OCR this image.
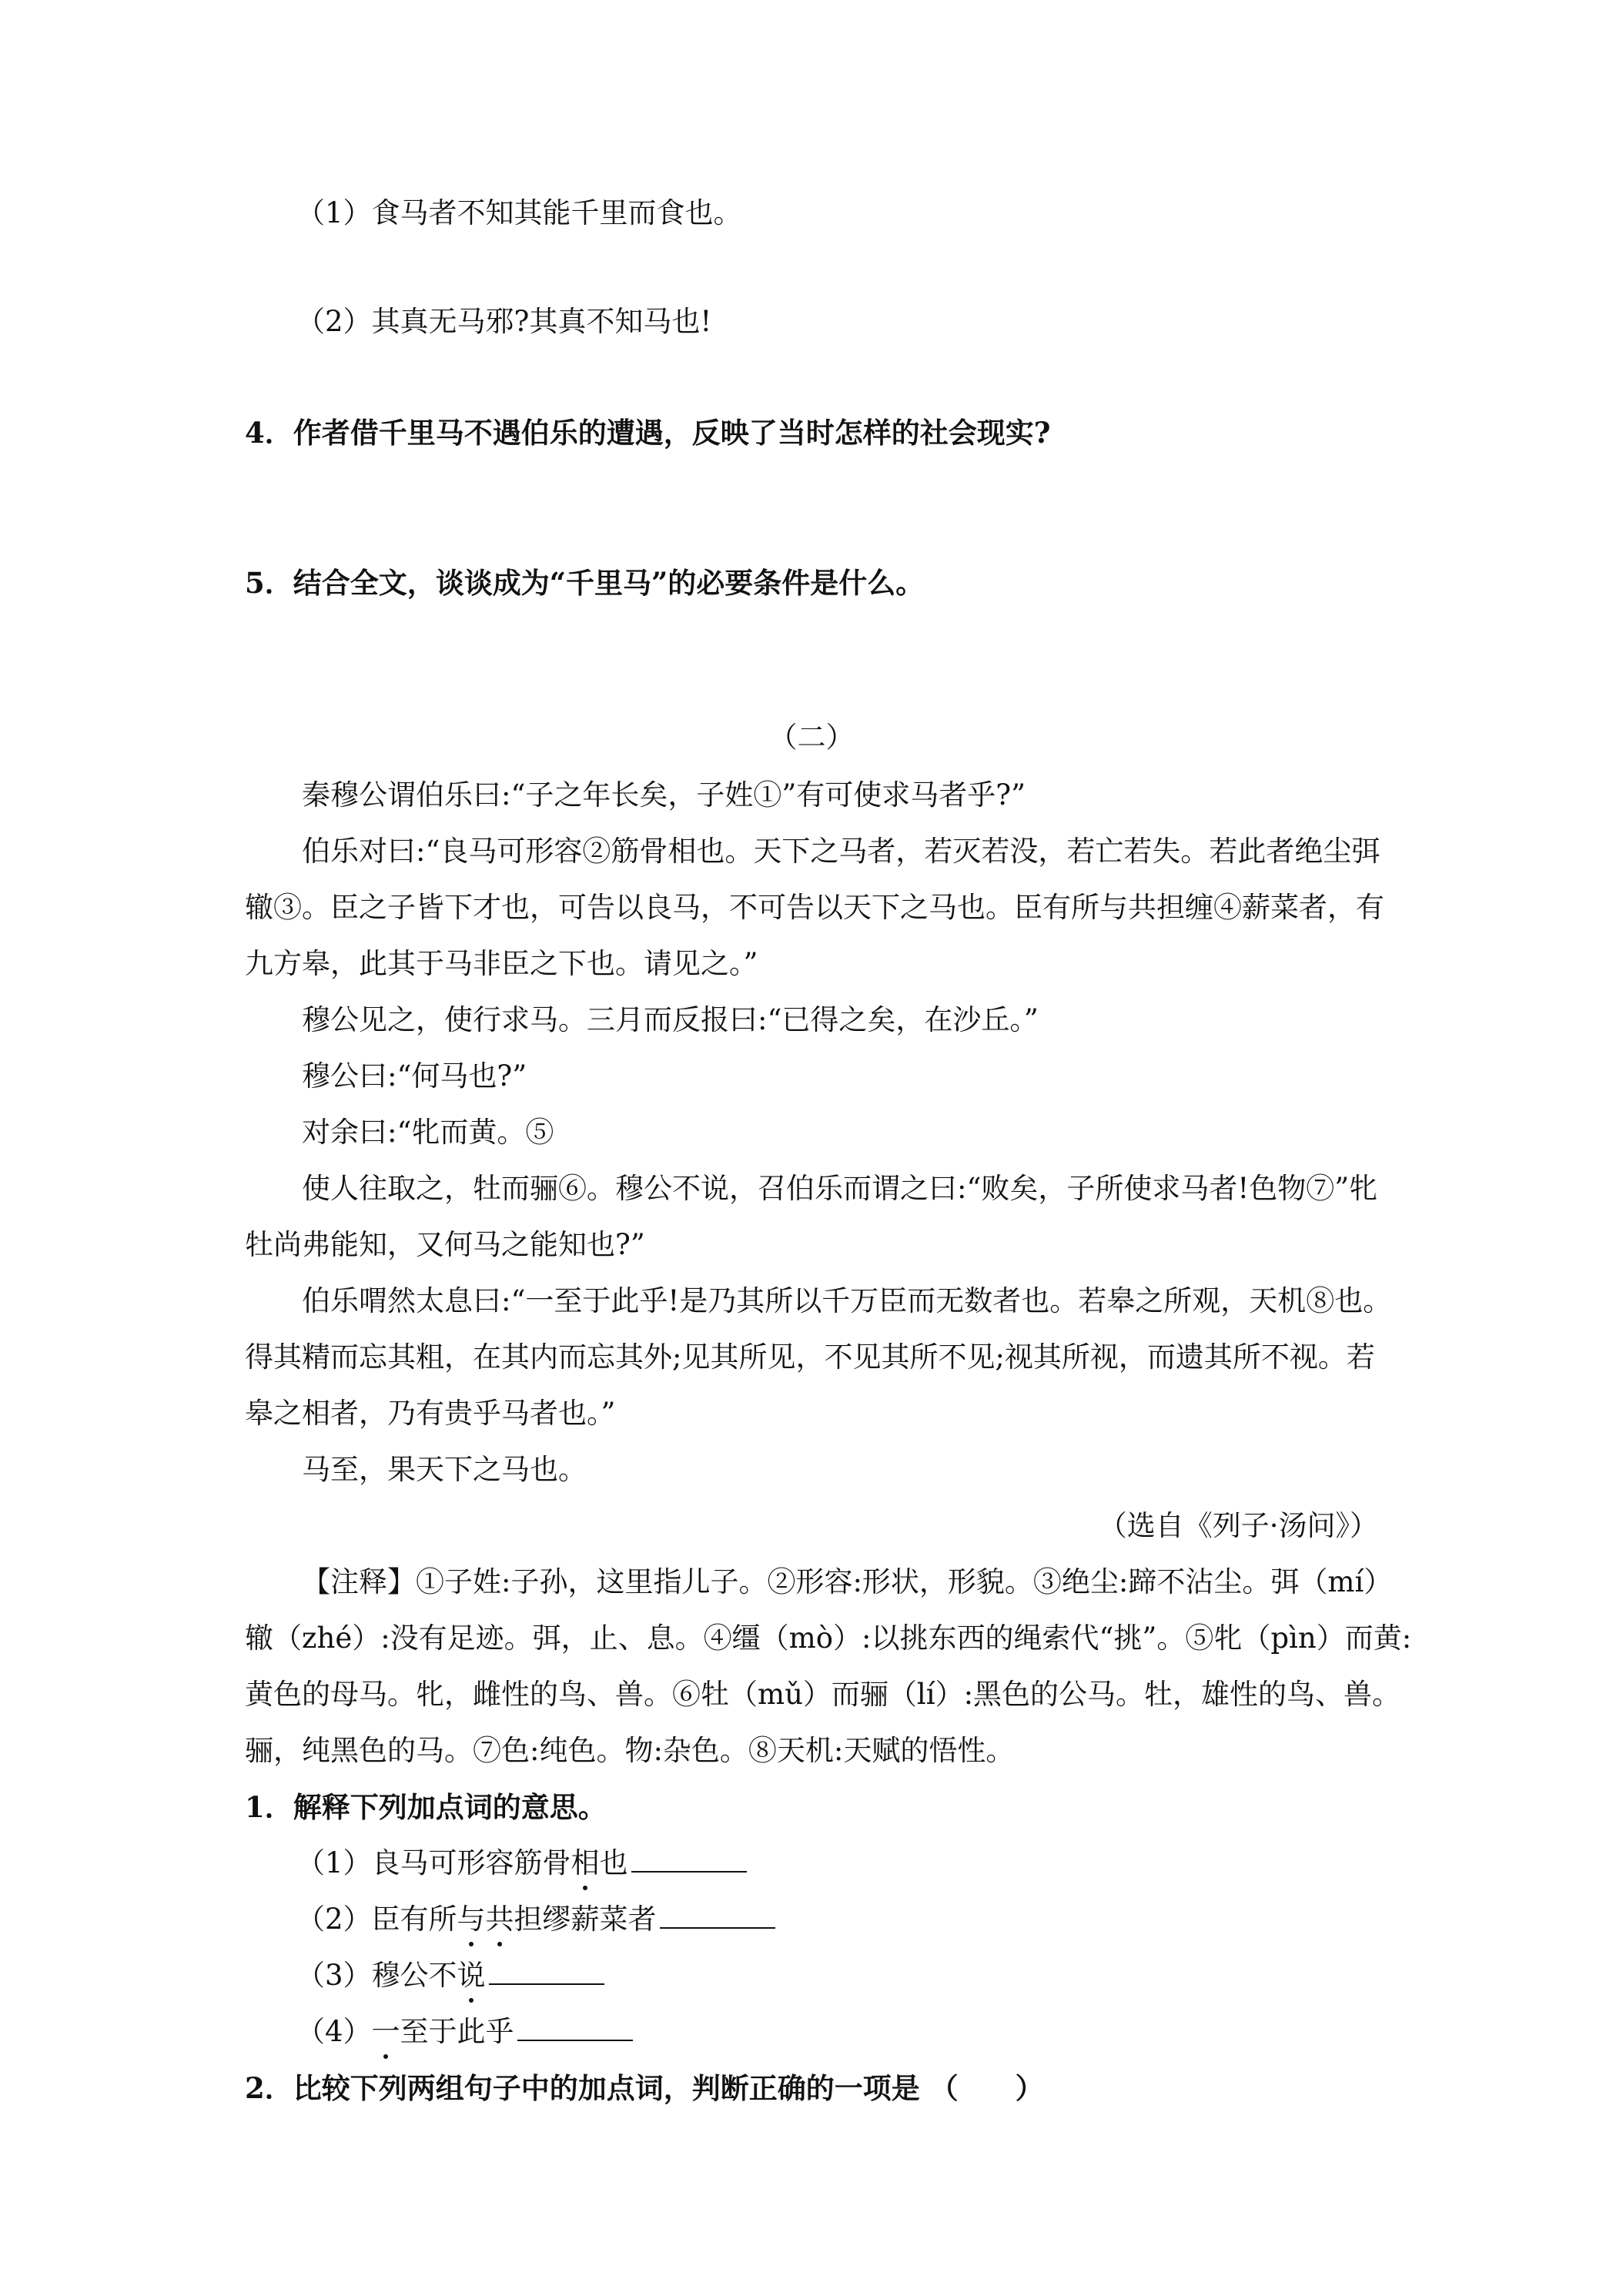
（1）食马者不知其能千里而食也。
（2）其真无马邪?其真不知马也!
4．作者借千里马不遇伯乐的遭遇，反映了当时怎样的社会现实?
5．结合全文，谈谈成为“千里马”的必要条件是什么。
（二）
秦穆公谓伯乐曰:“子之年长矣，子姓①”有可使求马者乎?”
伯乐对曰:“良马可形容②筋骨相也。天下之马者，若灭若没，若亡若失。若此者绝尘弭
辙③。臣之子皆下才也，可告以良马，不可告以天下之马也。臣有所与共担缠④薪菜者，有
九方皋，此其于马非臣之下也。请见之。”
穆公见之，使行求马。三月而反报曰:“已得之矣，在沙丘。”
穆公曰:“何马也?”
对余曰:“牝而黄。⑤
使人往取之，牡而骊⑥。穆公不说，召伯乐而谓之曰:“败矣，子所使求马者!色物⑦”牝
牡尚弗能知，又何马之能知也?”
伯乐喟然太息曰:“一至于此乎!是乃其所以千万臣而无数者也。若皋之所观，天机⑧也。
得其精而忘其粗，在其内而忘其外;见其所见，不见其所不见;视其所视，而遗其所不视。若
皋之相者，乃有贵乎马者也。”
马至，果天下之马也。
（选自《列子·汤问》）
【注释】①子姓:子孙，这里指儿子。②形容:形状，形貌。③绝尘:蹄不沾尘。弭（mí）
辙（zhé）:没有足迹。弭，止、息。④缰（mò）:以挑东西的绳索代“挑”。⑤牝（pìn）而黄:
黄色的母马。牝，雌性的鸟、兽。⑥牡（mǔ）而骊（lí）:黑色的公马。牡，雄性的鸟、兽。
骊，纯黑色的马。⑦色:纯色。物:杂色。⑧天机:天赋的悟性。
1．解释下列加点词的意思。
（1）良马可形容筋骨相
也
（2）臣有所与
共
担缪薪菜者
（3）穆公不说
（4）一
至于此乎
2．比较下列两组句子中的加点词，判断正确的一项是 （　　）
